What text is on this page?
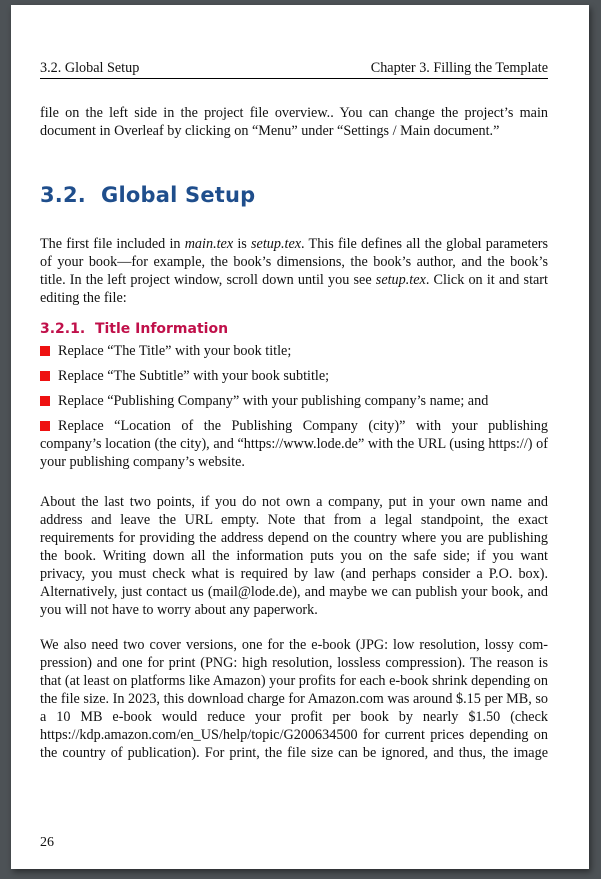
3.2. Global Setup	Chapter 3. Filling the Template

file on the left side in the project file overview.. You can change the project’s main

document in Overleaf by clicking on “Menu” under “Settings / Main document.”

3.2. Global Setup

The first file included in main.tex is setup.tex. This file defines all the global parameters of your book—for example, the book’s dimensions, the book’s author, and the book’s title. In the left project window, scroll down until you see setup.tex. Click on it and start editing the file:

3.2.1. Title Information

Replace “The Title” with your book title;

Replace “The Subtitle” with your book subtitle;

Replace “Publishing Company” with your publishing company’s name; and

Replace “Location of the Publishing Company (city)” with your publishing company’s location (the city), and “https://www.lode.de” with the URL (using https://) of your publishing company’s website.

About the last two points, if you do not own a company, put in your own name and address and leave the URL empty. Note that from a legal standpoint, the exact requirements for providing the address depend on the country where you are publishing the book. Writing down all the information puts you on the safe side; if you want privacy, you must check what is required by law (and perhaps consider a P.O. box). Alternatively, just contact us (mail@lode.de), and maybe we can publish your book, and you will not have to worry about any paperwork.

We also need two cover versions, one for the e-book (JPG: low resolution, lossy compression) and one for print (PNG: high resolution, lossless compression). The reason is that (at least on platforms like Amazon) your profits for each e-book shrink depending on the file size. In 2023, this download charge for Amazon.com was around $.15 per MB, so a 10 MB e-book would reduce your profit per book by nearly $1.50 (check https://kdp.amazon.com/en_US/help/topic/G200634500 for current prices depending on the country of publication). For print, the file size can be ignored, and thus, the image

26
